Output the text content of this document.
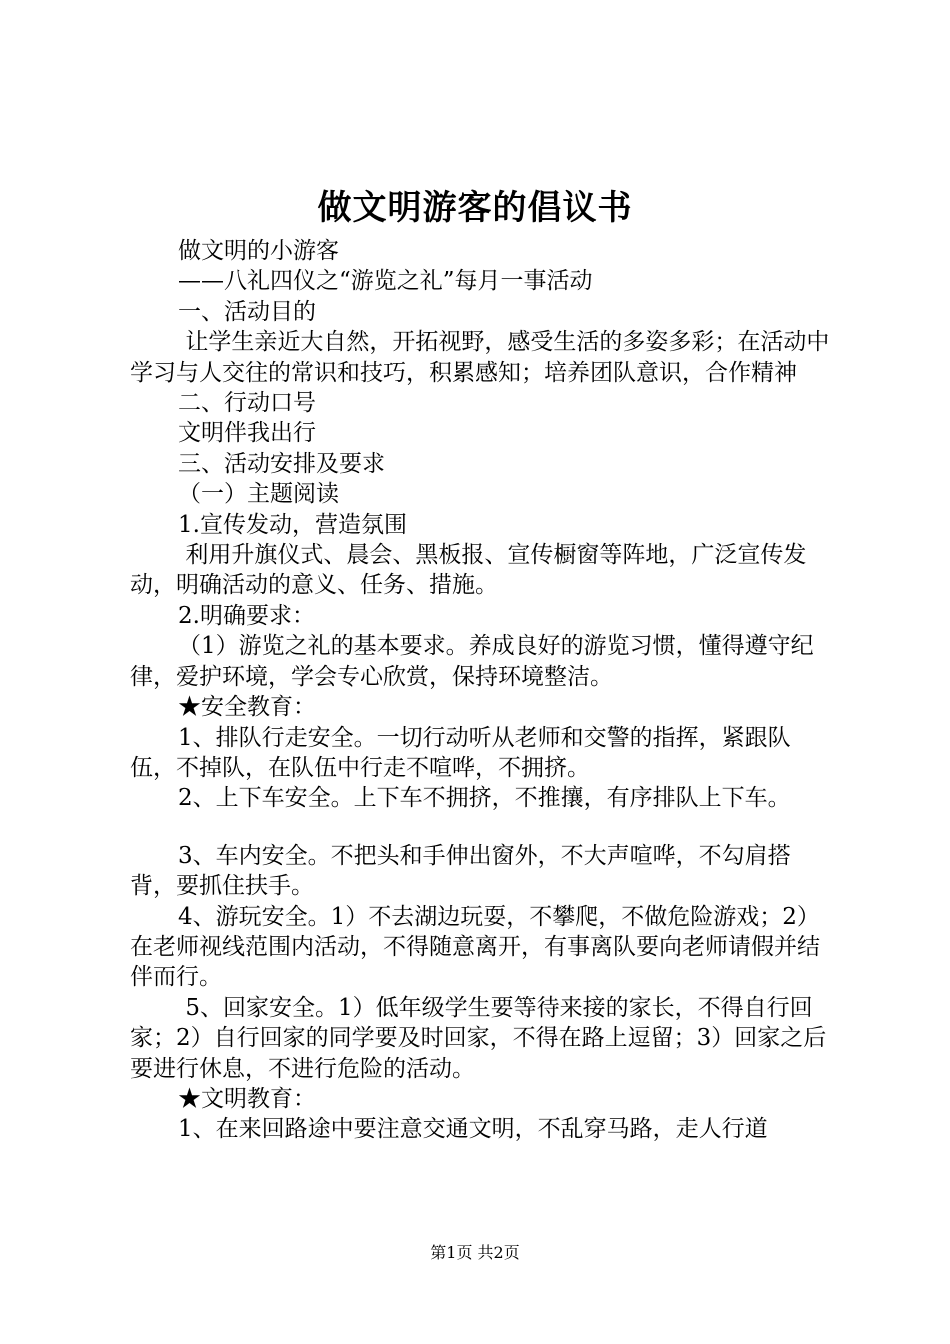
做文明游客的倡议书

做文明的小游客

——八礼四仪之“游览之礼”每月一事活动

一、活动目的

让学生亲近大自然，开拓视野，感受生活的多姿多彩；在活动中学习与人交往的常识和技巧，积累感知；培养团队意识，合作精神

二、行动口号

文明伴我出行

三、活动安排及要求

（一）主题阅读

1.宣传发动，营造氛围

利用升旗仪式、晨会、黑板报、宣传橱窗等阵地，广泛宣传发动，明确活动的意义、任务、措施。

2.明确要求：

（1）游览之礼的基本要求。养成良好的游览习惯，懂得遵守纪律，爱护环境，学会专心欣赏，保持环境整洁。

★安全教育：

1、排队行走安全。一切行动听从老师和交警的指挥，紧跟队伍，不掉队，在队伍中行走不喧哗，不拥挤。

2、上下车安全。上下车不拥挤，不推攘，有序排队上下车。

3、车内安全。不把头和手伸出窗外，不大声喧哗，不勾肩搭背，要抓住扶手。

4、游玩安全。1）不去湖边玩耍，不攀爬，不做危险游戏；2）在老师视线范围内活动，不得随意离开，有事离队要向老师请假并结伴而行。

5、回家安全。1）低年级学生要等待来接的家长，不得自行回家；2）自行回家的同学要及时回家，不得在路上逗留；3）回家之后要进行休息，不进行危险的活动。

★文明教育：

1、在来回路途中要注意交通文明，不乱穿马路，走人行道

第1页 共2页
